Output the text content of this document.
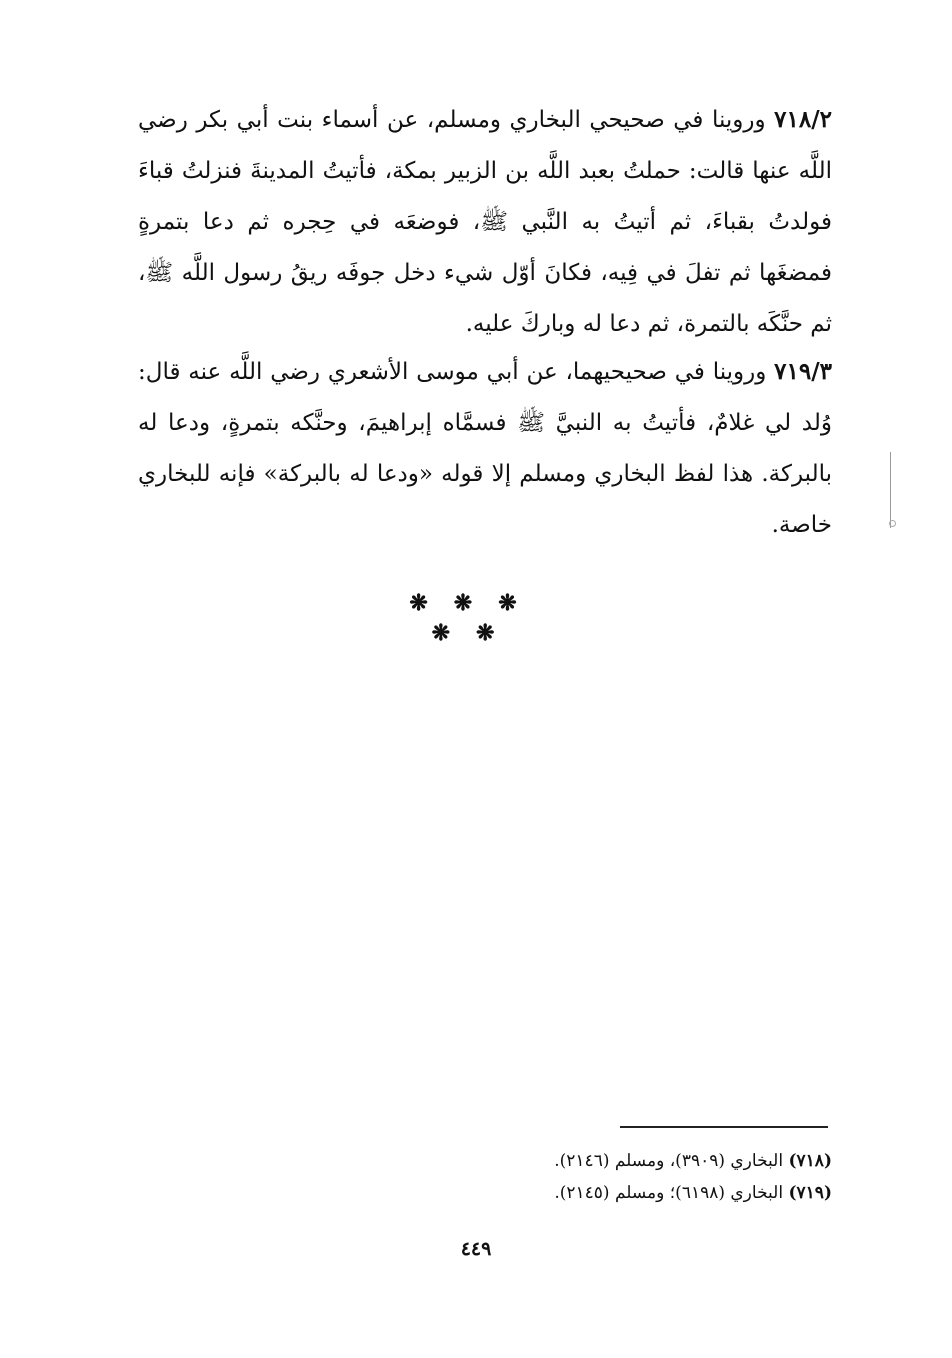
٧١٨/٢ وروينا في صحيحي البخاري ومسلم، عن أسماء بنت أبي بكر رضي اللَّه عنها قالت: حملتُ بعبد اللَّه بن الزبير بمكة، فأتيتُ المدينةَ فنزلتُ قباءَ فولدتُ بقباءَ، ثم أتيتُ به النَّبي ﷺ، فوضعَه في حِجره ثم دعا بتمرةٍ فمضغَها ثم تفلَ في فِيه، فكانَ أوّل شيء دخل جوفَه ريقُ رسول اللَّه ﷺ، ثم حنَّكَه بالتمرة، ثم دعا له وباركَ عليه.
٧١٩/٣ وروينا في صحيحيهما، عن أبي موسى الأشعري رضي اللَّه عنه قال: وُلد لي غلامٌ، فأتيتُ به النبيَّ ﷺ فسمَّاه إبراهيمَ، وحنَّكه بتمرةٍ، ودعا له بالبركة. هذا لفظ البخاري ومسلم إلا قوله «ودعا له بالبركة» فإنه للبخاري خاصة.
❋❋❋
❋❋
(٧١٨) البخاري (٣٩٠٩)، ومسلم (٢١٤٦).
(٧١٩) البخاري (٦١٩٨)؛ ومسلم (٢١٤٥).
٤٤٩
